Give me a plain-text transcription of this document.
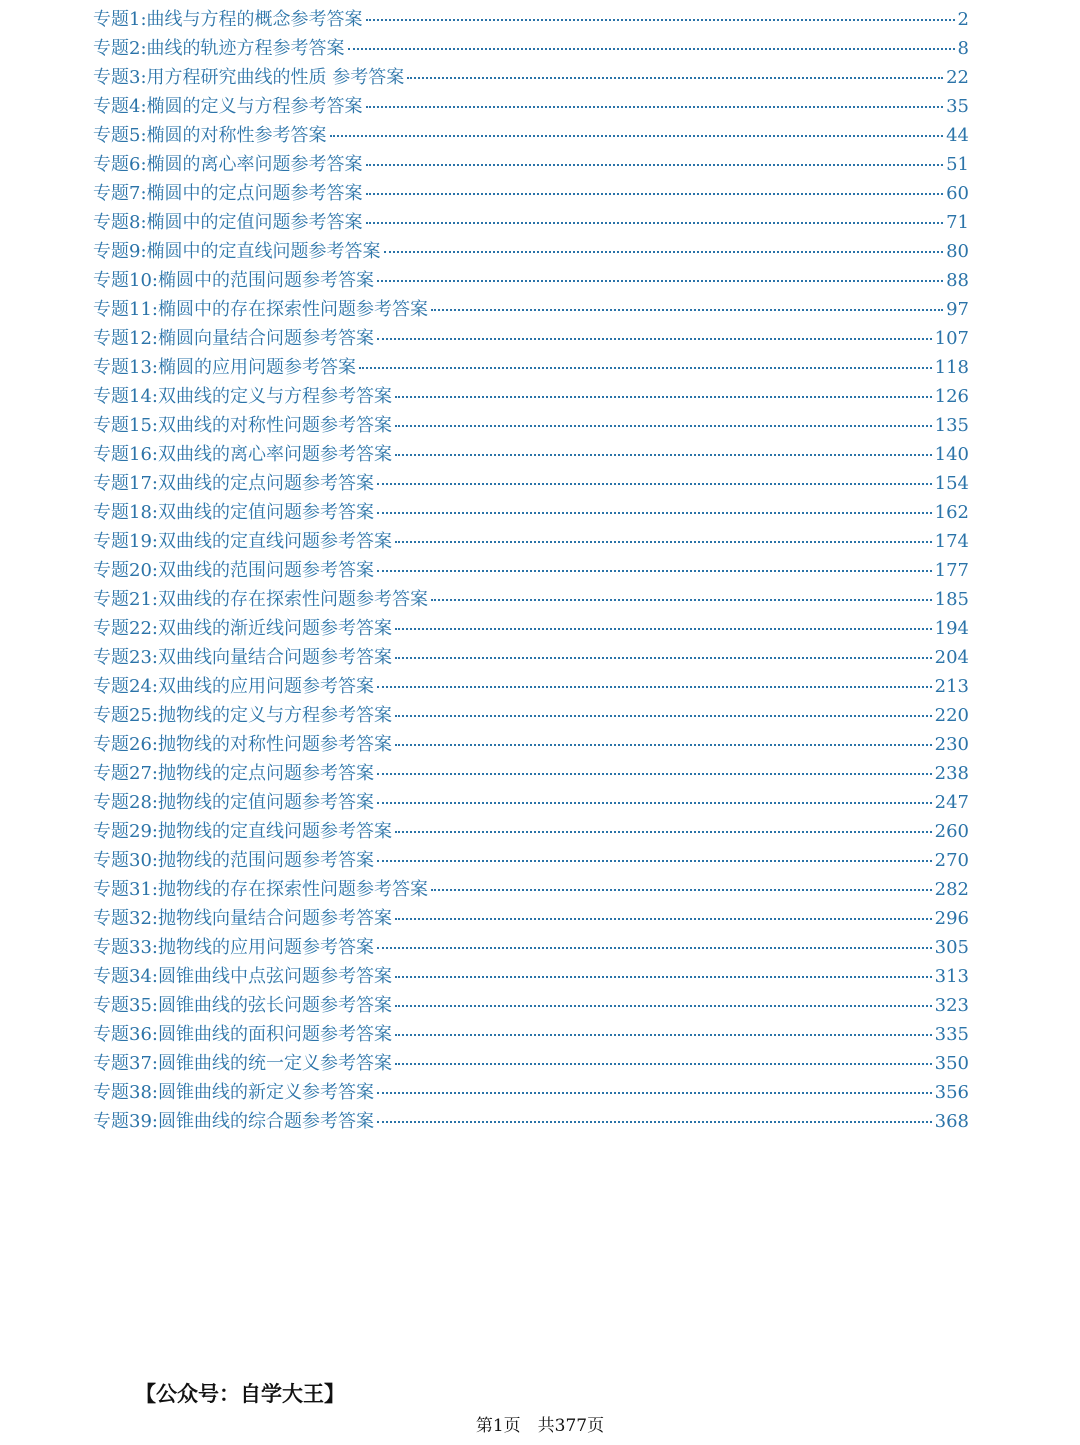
专题1:曲线与方程的概念参考答案	2
专题2:曲线的轨迹方程参考答案	8
专题3:用方程研究曲线的性质 参考答案	22
专题4:椭圆的定义与方程参考答案	35
专题5:椭圆的对称性参考答案	44
专题6:椭圆的离心率问题参考答案	51
专题7:椭圆中的定点问题参考答案	60
专题8:椭圆中的定值问题参考答案	71
专题9:椭圆中的定直线问题参考答案	80
专题10:椭圆中的范围问题参考答案	88
专题11:椭圆中的存在探索性问题参考答案	97
专题12:椭圆向量结合问题参考答案	107
专题13:椭圆的应用问题参考答案	118
专题14:双曲线的定义与方程参考答案	126
专题15:双曲线的对称性问题参考答案	135
专题16:双曲线的离心率问题参考答案	140
专题17:双曲线的定点问题参考答案	154
专题18:双曲线的定值问题参考答案	162
专题19:双曲线的定直线问题参考答案	174
专题20:双曲线的范围问题参考答案	177
专题21:双曲线的存在探索性问题参考答案	185
专题22:双曲线的渐近线问题参考答案	194
专题23:双曲线向量结合问题参考答案	204
专题24:双曲线的应用问题参考答案	213
专题25:抛物线的定义与方程参考答案	220
专题26:抛物线的对称性问题参考答案	230
专题27:抛物线的定点问题参考答案	238
专题28:抛物线的定值问题参考答案	247
专题29:抛物线的定直线问题参考答案	260
专题30:抛物线的范围问题参考答案	270
专题31:抛物线的存在探索性问题参考答案	282
专题32:抛物线向量结合问题参考答案	296
专题33:抛物线的应用问题参考答案	305
专题34:圆锥曲线中点弦问题参考答案	313
专题35:圆锥曲线的弦长问题参考答案	323
专题36:圆锥曲线的面积问题参考答案	335
专题37:圆锥曲线的统一定义参考答案	350
专题38:圆锥曲线的新定义参考答案	356
专题39:圆锥曲线的综合题参考答案	368
【公众号：自学大王】
第1页　共377页
